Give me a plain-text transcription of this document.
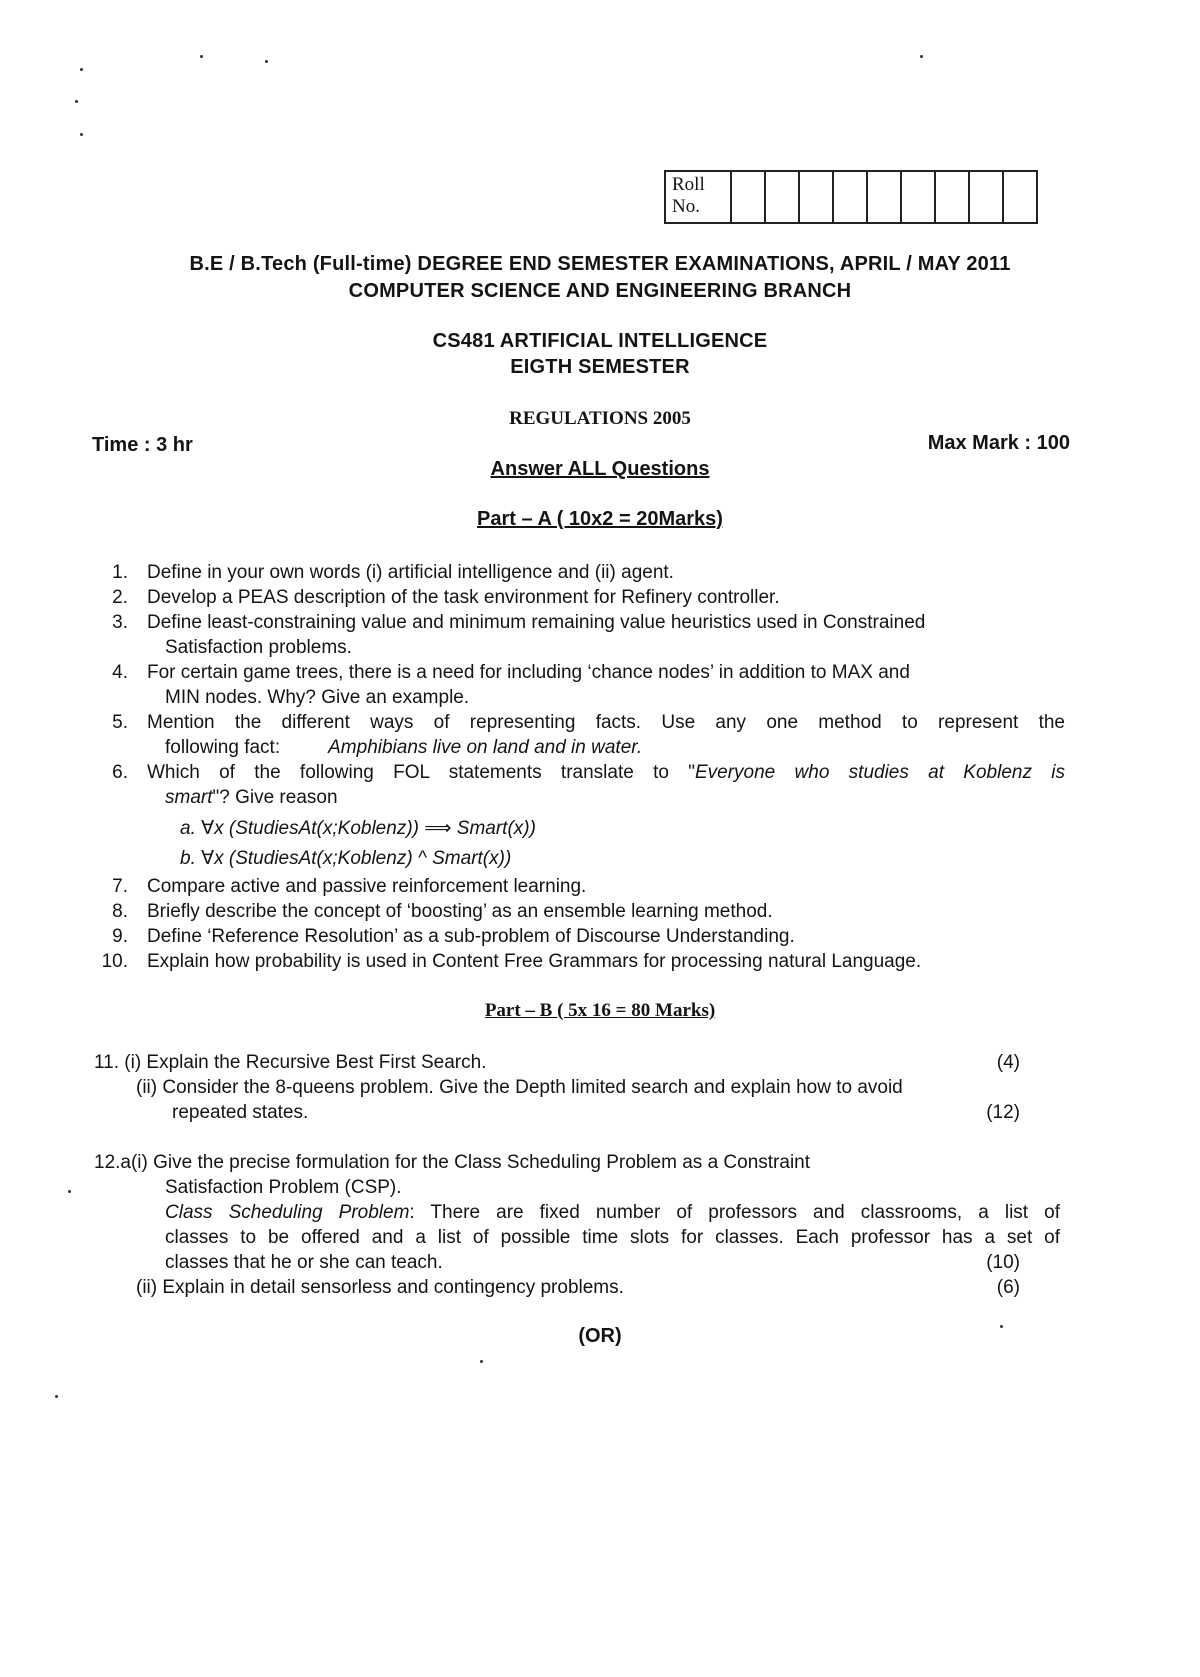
Roll
No.
B.E / B.Tech (Full-time) DEGREE END SEMESTER EXAMINATIONS, APRIL / MAY 2011
COMPUTER SCIENCE AND ENGINEERING BRANCH
CS481 ARTIFICIAL INTELLIGENCE
EIGTH SEMESTER
REGULATIONS 2005
Time : 3 hr	Max Mark : 100
Answer ALL Questions
Part – A ( 10x2 = 20Marks)
1. Define in your own words (i) artificial intelligence and (ii) agent.
2. Develop a PEAS description of the task environment for Refinery controller.
3. Define least-constraining value and minimum remaining value heuristics used in Constrained
Satisfaction problems.
4. For certain game trees, there is a need for including ‘chance nodes’ in addition to MAX and
MIN nodes. Why? Give an example.
5. Mention the different ways of representing facts. Use any one method to represent the
following fact:	Amphibians live on land and in water.
6. Which of the following FOL statements translate to "Everyone who studies at Koblenz is
smart"? Give reason
a. ∀x (StudiesAt(x;Koblenz)) ⟹ Smart(x))
b. ∀x (StudiesAt(x;Koblenz) ^ Smart(x))
7. Compare active and passive reinforcement learning.
8. Briefly describe the concept of ‘boosting’ as an ensemble learning method.
9. Define ‘Reference Resolution’ as a sub-problem of Discourse Understanding.
10. Explain how probability is used in Content Free Grammars for processing natural Language.
Part – B ( 5x 16 = 80 Marks)
11. (i) Explain the Recursive Best First Search.	(4)
(ii) Consider the 8-queens problem. Give the Depth limited search and explain how to avoid
repeated states.	(12)
12.a(i) Give the precise formulation for the Class Scheduling Problem as a Constraint
Satisfaction Problem (CSP).
Class Scheduling Problem: There are fixed number of professors and classrooms, a list of
classes to be offered and a list of possible time slots for classes. Each professor has a set of
classes that he or she can teach.	(10)
(ii) Explain in detail sensorless and contingency problems.	(6)
(OR)
